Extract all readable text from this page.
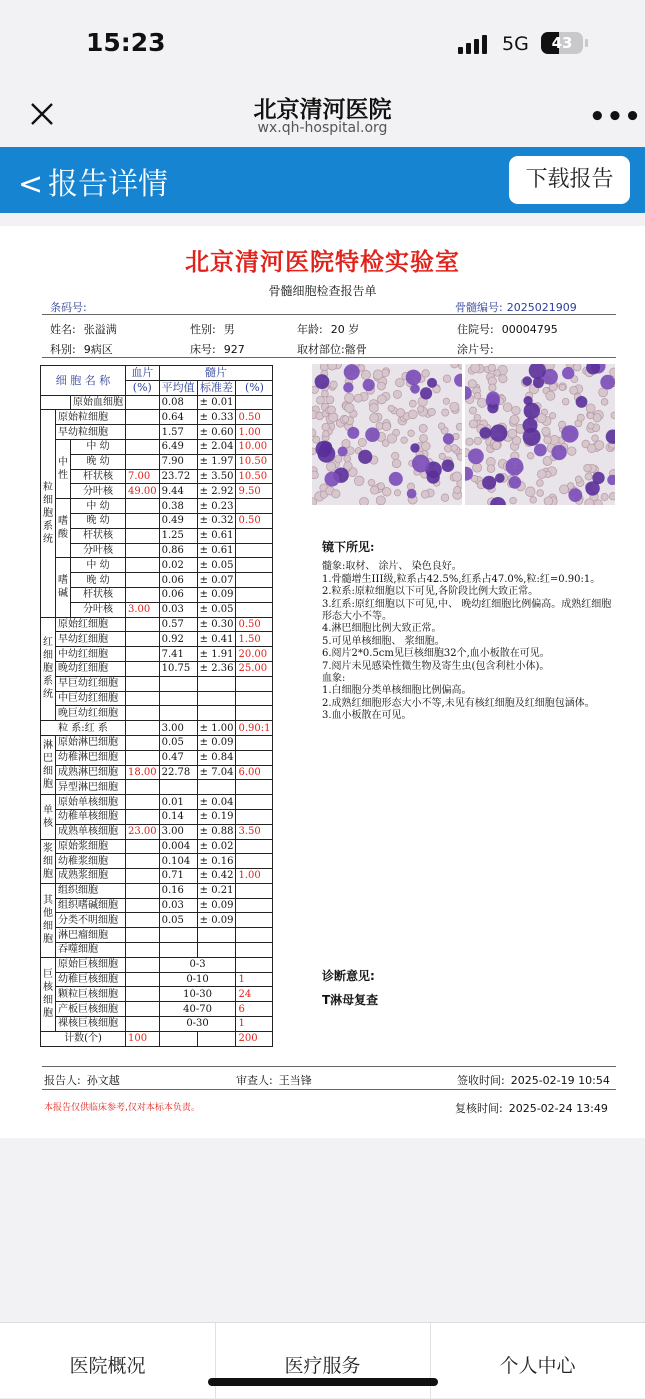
15:23	5G	43
北京清河医院
wx.qh-hospital.org	•••
< 报告详情	下载报告
北京清河医院特检实验室
骨髓细胞检查报告单
条码号:	骨髓编号: 2025021909
姓名: 张溢满	性别: 男	年龄: 20 岁	住院号: 00004795
科别: 9病区	床号: 927	取材部位:髂骨	涂片号:
细 胞 名 称			血片	髓片		
			(%)	平均值	标准差	(%)
		原始血细胞		0.08	± 0.01	
粒
细
胞
系
统	原始粒细胞			0.64	± 0.33	0.50
	早幼粒细胞			1.57	± 0.60	1.00
	中
性	中 幼		6.49	± 2.04	10.00
		晚 幼		7.90	± 1.97	10.50
		杆状核	7.00	23.72	± 3.50	10.50
		分叶核	49.00	9.44	± 2.92	9.50
	嗜
酸	中 幼		0.38	± 0.23	
		晚 幼		0.49	± 0.32	0.50
		杆状核		1.25	± 0.61	
		分叶核		0.86	± 0.61	
	嗜
碱	中 幼		0.02	± 0.05	
		晚 幼		0.06	± 0.07	
		杆状核		0.06	± 0.09	
		分叶核	3.00	0.03	± 0.05	
红
细
胞
系
统	原始红细胞			0.57	± 0.30	0.50
	早幼红细胞			0.92	± 0.41	1.50
	中幼红细胞			7.41	± 1.91	20.00
	晚幼红细胞			10.75	± 2.36	25.00
	早巨幼红细胞					
	中巨幼红细胞					
	晚巨幼红细胞					
粒 系:红 系				3.00	± 1.00	0.90:1
淋
巴
细
胞	原始淋巴细胞			0.05	± 0.09	
	幼稚淋巴细胞			0.47	± 0.84	
	成熟淋巴细胞		18.00	22.78	± 7.04	6.00
	异型淋巴细胞					
单
核	原始单核细胞			0.01	± 0.04	
	幼稚单核细胞			0.14	± 0.19	
	成熟单核细胞		23.00	3.00	± 0.88	3.50
浆
细
胞	原始浆细胞			0.004	± 0.02	
	幼稚浆细胞			0.104	± 0.16	
	成熟浆细胞			0.71	± 0.42	1.00
其
他
细
胞	组织细胞			0.16	± 0.21	
	组织嗜碱细胞			0.03	± 0.09	
	分类不明细胞			0.05	± 0.09	
	淋巴瘤细胞					
	吞噬细胞					
巨
核
细
胞	原始巨核细胞			0-3		
	幼稚巨核细胞			0-10		1
	颗粒巨核细胞			10-30		24
	产板巨核细胞			40-70		6
	裸核巨核细胞			0-30		1
计数(个)			100			200
镜下所见:
髓象:取材、 涂片、 染色良好。
1.骨髓增生III级,粒系占42.5%,红系占47.0%,粒:红=0.90:1。
2.粒系:原粒细胞以下可见,各阶段比例大致正常。
3.红系:原红细胞以下可见,中、 晚幼红细胞比例偏高。成熟红细胞形态大小不等。
4.淋巴细胞比例大致正常。
5.可见单核细胞、 浆细胞。
6.阅片2*0.5cm见巨核细胞32个,血小板散在可见。
7.阅片未见感染性微生物及寄生虫(包含利杜小体)。
血象:
1.白细胞分类单核细胞比例偏高。
2.成熟红细胞形态大小不等,未见有核红细胞及红细胞包涵体。
3.血小板散在可见。
诊断意见:
T淋母复查
报告人: 孙文越	审查人: 王当锋	签收时间: 2025-02-19 10:54
本报告仅供临床参考,仅对本标本负责。	复核时间: 2025-02-24 13:49
医院概况	医疗服务	个人中心
